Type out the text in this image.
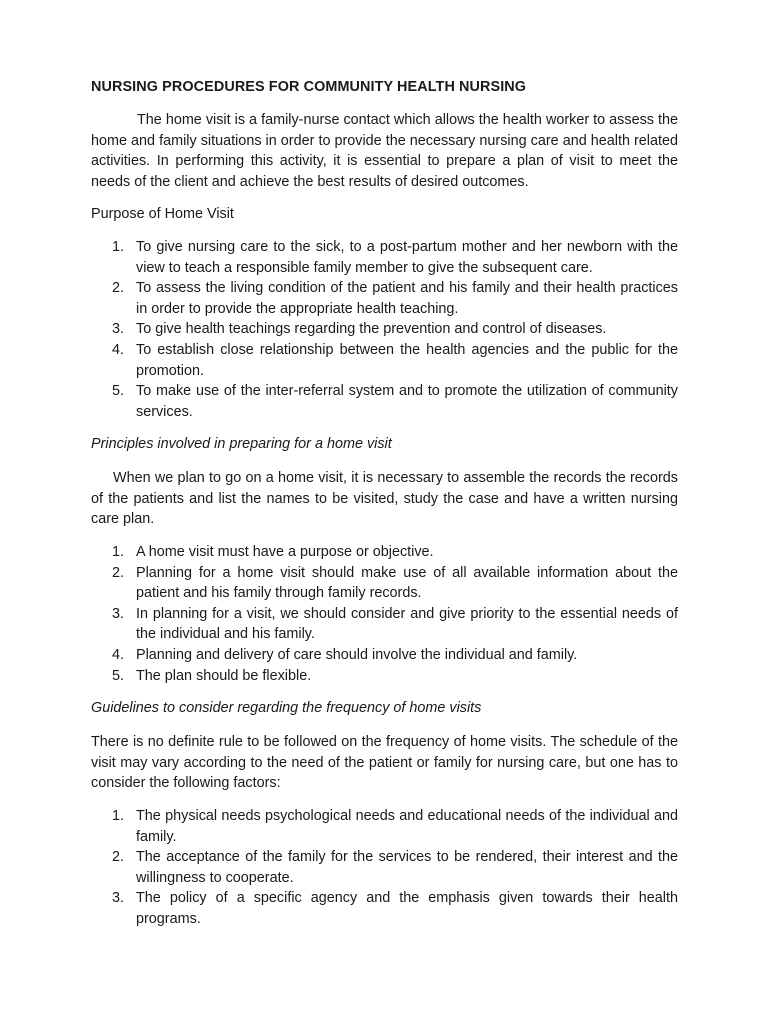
NURSING PROCEDURES FOR COMMUNITY HEALTH NURSING
The home visit is a family-nurse contact which allows the health worker to assess the home and family situations in order to provide the necessary nursing care and health related activities. In performing this activity, it is essential to prepare a plan of visit to meet the needs of the client and achieve the best results of desired outcomes.
Purpose of Home Visit
1. To give nursing care to the sick, to a post-partum mother and her newborn with the view to teach a responsible family member to give the subsequent care.
2. To assess the living condition of the patient and his family and their health practices in order to provide the appropriate health teaching.
3. To give health teachings regarding the prevention and control of diseases.
4. To establish close relationship between the health agencies and the public for the promotion.
5. To make use of the inter-referral system and to promote the utilization of community services.
Principles involved in preparing for a home visit
When we plan to go on a home visit, it is necessary to assemble the records the records of the patients and list the names to be visited, study the case and have a written nursing care plan.
1. A home visit must have a purpose or objective.
2. Planning for a home visit should make use of all available information about the patient and his family through family records.
3. In planning for a visit, we should consider and give priority to the essential needs of the individual and his family.
4. Planning and delivery of care should involve the individual and family.
5. The plan should be flexible.
Guidelines to consider regarding the frequency of home visits
There is no definite rule to be followed on the frequency of home visits. The schedule of the visit may vary according to the need of the patient or family for nursing care, but one has to consider the following factors:
1. The physical needs psychological needs and educational needs of the individual and family.
2. The acceptance of the family for the services to be rendered, their interest and the willingness to cooperate.
3. The policy of a specific agency and the emphasis given towards their health programs.
